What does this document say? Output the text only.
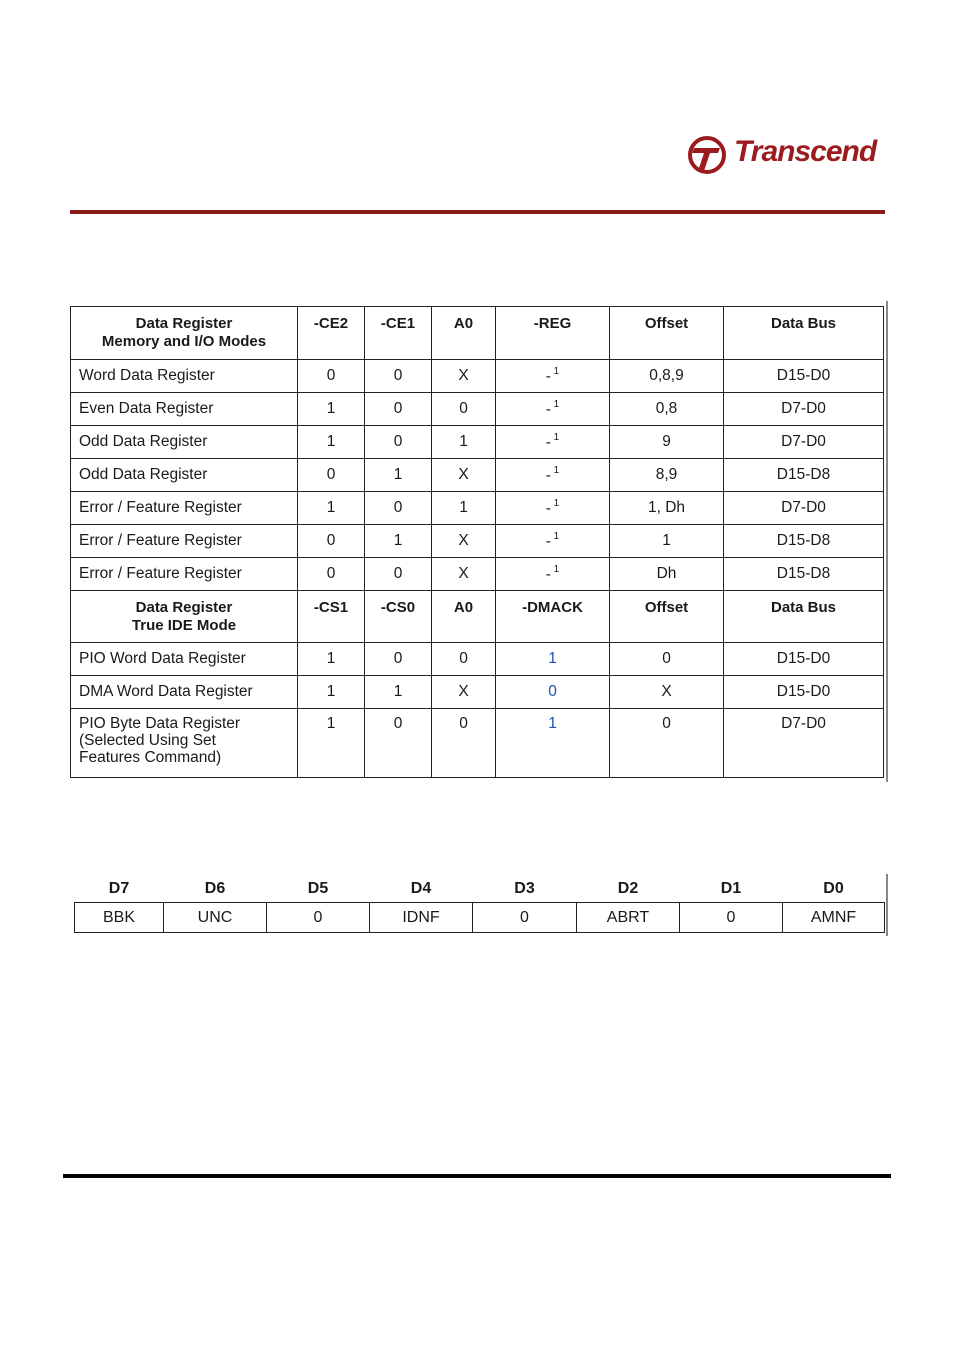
Transcend
Data Register
Memory and I/O Modes	-CE2	-CE1	A0	-REG	Offset	Data Bus
Word Data Register	0	0	X	- $^1$	0,8,9	D15-D0
Even Data Register	1	0	0	- $^1$	0,8	D7-D0
Odd Data Register	1	0	1	- $^1$	9	D7-D0
Odd Data Register	0	1	X	- $^1$	8,9	D15-D8
Error / Feature Register	1	0	1	- $^1$	1, Dh	D7-D0
Error / Feature Register	0	1	X	- $^1$	1	D15-D8
Error / Feature Register	0	0	X	- $^1$	Dh	D15-D8
Data Register
True IDE Mode	-CS1	-CS0	A0	-DMACK	Offset	Data Bus
PIO Word Data Register	1	0	0	1	0	D15-D0
DMA Word Data Register	1	1	X	0	X	D15-D0
PIO Byte Data Register
(Selected Using Set
Features Command)	1	0	0	1	0	D7-D0
D7	D6	D5	D4	D3	D2	D1	D0
BBK	UNC	0	IDNF	0	ABRT	0	AMNF
